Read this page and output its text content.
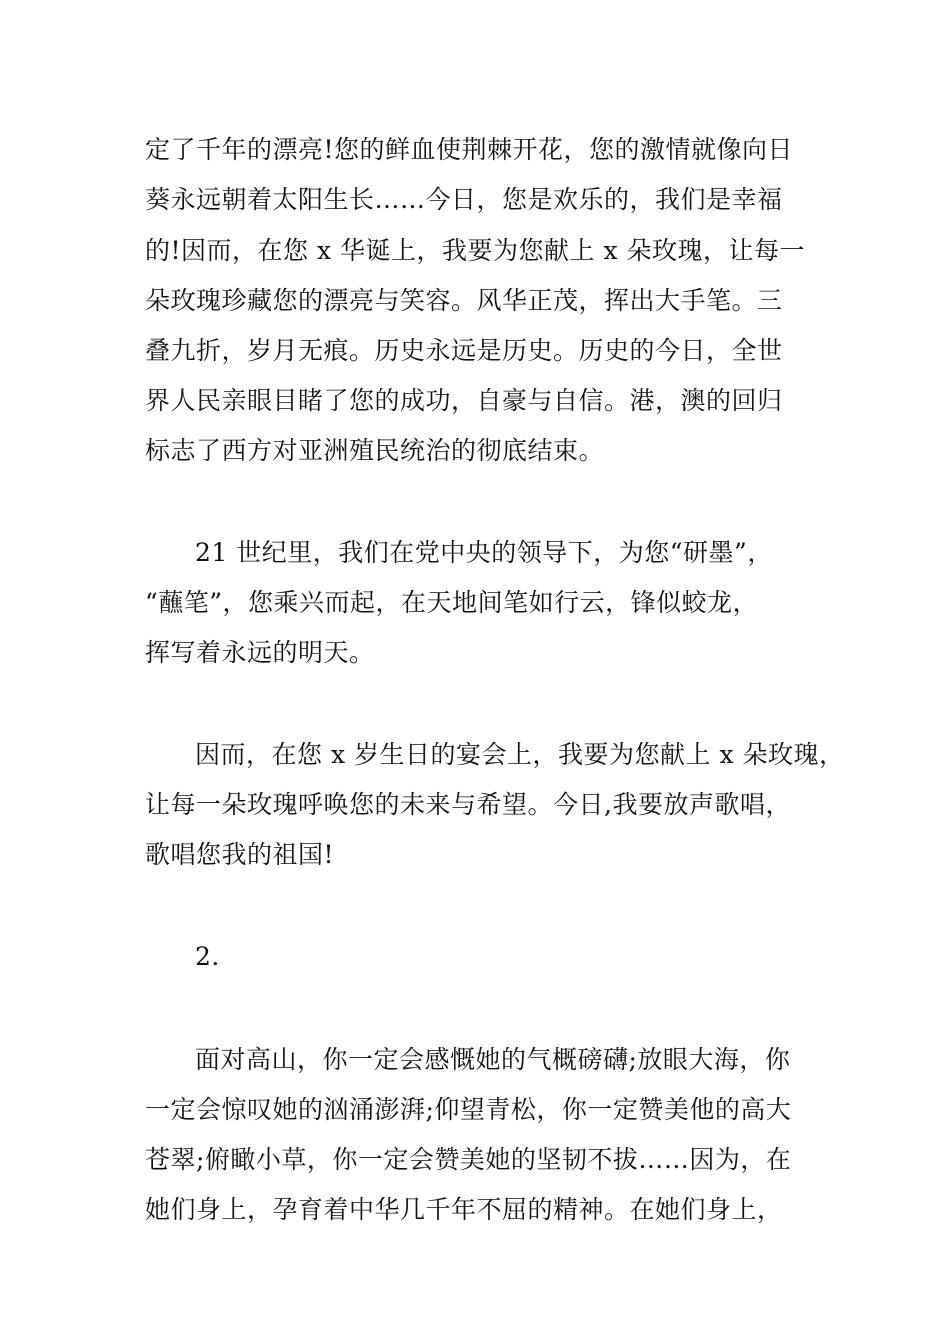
定了千年的漂亮!您的鲜血使荆棘开花，您的激情就像向日
葵永远朝着太阳生长……今日，您是欢乐的，我们是幸福
的!因而，在您 x 华诞上，我要为您献上 x 朵玫瑰，让每一
朵玫瑰珍藏您的漂亮与笑容。风华正茂，挥出大手笔。三
叠九折，岁月无痕。历史永远是历史。历史的今日，全世
界人民亲眼目睹了您的成功，自豪与自信。港，澳的回归
标志了西方对亚洲殖民统治的彻底结束。
21 世纪里，我们在党中央的领导下，为您“研墨”，
“蘸笔”，您乘兴而起，在天地间笔如行云，锋似蛟龙，
挥写着永远的明天。
因而，在您 x 岁生日的宴会上，我要为您献上 x 朵玫瑰，
让每一朵玫瑰呼唤您的未来与希望。今日,我要放声歌唱，
歌唱您我的祖国!
2.
面对高山，你一定会感慨她的气概磅礴;放眼大海，你
一定会惊叹她的汹涌澎湃;仰望青松，你一定赞美他的高大
苍翠;俯瞰小草，你一定会赞美她的坚韧不拔……因为，在
她们身上，孕育着中华几千年不屈的精神。在她们身上，
